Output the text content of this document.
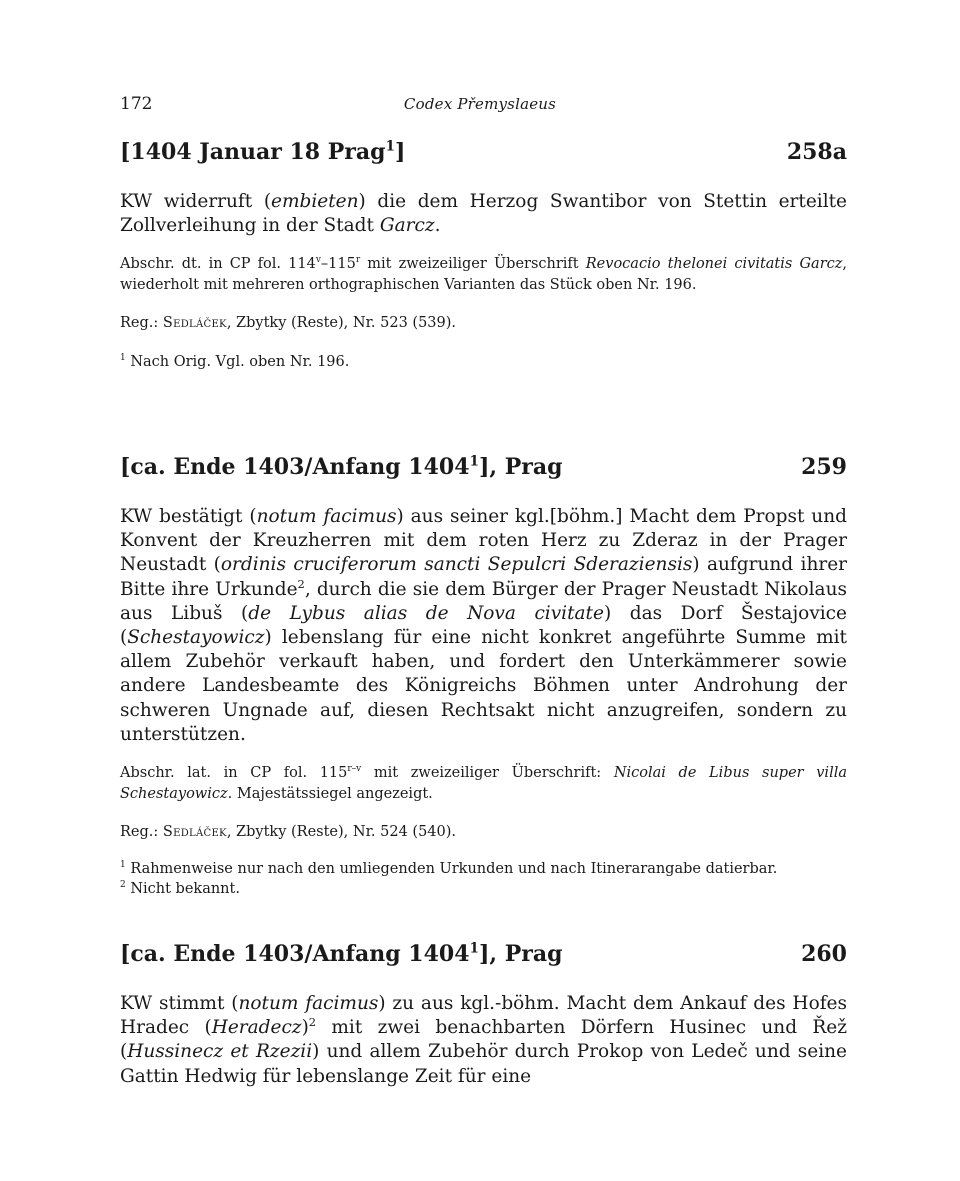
172	Codex Přemyslaeus
[1404 Januar 18 Prag$^1$]	258a

KW widerruft (embieten) die dem Herzog Swantibor von Stettin erteilte Zollverleihung in der Stadt Garcz.

Abschr. dt. in CP fol. 114$^v$–115$^r$ mit zweizeiliger Überschrift Revocacio thelonei civitatis Garcz, wiederholt mit mehreren orthographischen Varianten das Stück oben Nr. 196.

Reg.: Sedláček, Zbytky (Reste), Nr. 523 (539).

$^1$ Nach Orig. Vgl. oben Nr. 196.

[ca. Ende 1403/Anfang 1404$^1$], Prag	259

KW bestätigt (notum facimus) aus seiner kgl.[böhm.] Macht dem Propst und Konvent der Kreuzherren mit dem roten Herz zu Zderaz in der Prager Neustadt (ordinis cruciferorum sancti Sepulcri Sderaziensis) aufgrund ihrer Bitte ihre Urkunde$^2$, durch die sie dem Bürger der Prager Neustadt Nikolaus aus Libuš (de Lybus alias de Nova civitate) das Dorf Šestajovice (Schestayowicz) lebenslang für eine nicht konkret angeführte Summe mit allem Zubehör verkauft haben, und fordert den Unterkämmerer sowie andere Landesbeamte des Königreichs Böhmen unter Androhung der schweren Ungnade auf, diesen Rechtsakt nicht anzugreifen, sondern zu unterstützen.

Abschr. lat. in CP fol. 115$^{r-v}$ mit zweizeiliger Überschrift: Nicolai de Libus super villa Schestayowicz. Majestätssiegel angezeigt.

Reg.: Sedláček, Zbytky (Reste), Nr. 524 (540).

$^1$ Rahmenweise nur nach den umliegenden Urkunden und nach Itinerarangabe datierbar.

$^2$ Nicht bekannt.

[ca. Ende 1403/Anfang 1404$^1$], Prag	260

KW stimmt (notum facimus) zu aus kgl.-böhm. Macht dem Ankauf des Hofes Hradec (Heradecz)$^2$ mit zwei benachbarten Dörfern Husinec und Řež (Hussinecz et Rzezii) und allem Zubehör durch Prokop von Ledeč und seine Gattin Hedwig für lebenslange Zeit für eine
